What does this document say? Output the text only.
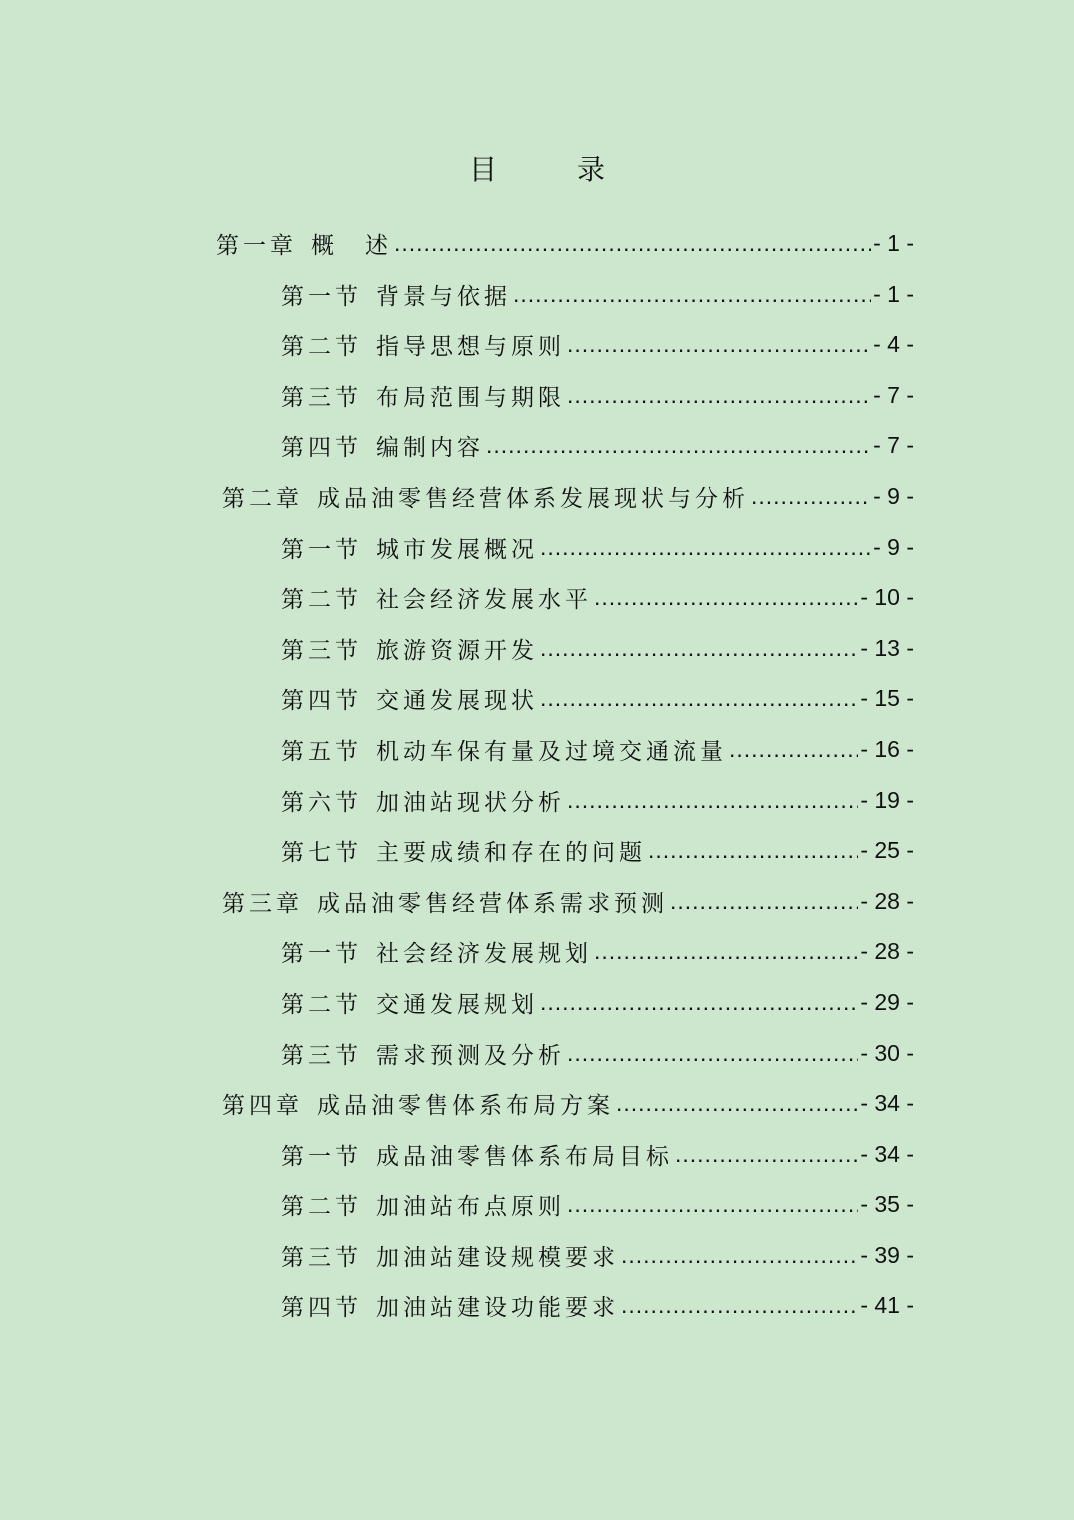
目　录
第一章 概　述 .....	- 1 -
第一节 背景与依据 .....	- 1 -
第二节 指导思想与原则 .....	- 4 -
第三节 布局范围与期限 .....	- 7 -
第四节 编制内容 .....	- 7 -
第二章 成品油零售经营体系发展现状与分析 .....	- 9 -
第一节 城市发展概况 .....	- 9 -
第二节 社会经济发展水平 .....	- 10 -
第三节 旅游资源开发 .....	- 13 -
第四节 交通发展现状 .....	- 15 -
第五节 机动车保有量及过境交通流量 .....	- 16 -
第六节 加油站现状分析 .....	- 19 -
第七节 主要成绩和存在的问题 .....	- 25 -
第三章 成品油零售经营体系需求预测 .....	- 28 -
第一节 社会经济发展规划 .....	- 28 -
第二节 交通发展规划 .....	- 29 -
第三节 需求预测及分析 .....	- 30 -
第四章 成品油零售体系布局方案 .....	- 34 -
第一节 成品油零售体系布局目标 .....	- 34 -
第二节 加油站布点原则 .....	- 35 -
第三节 加油站建设规模要求 .....	- 39 -
第四节 加油站建设功能要求 .....	- 41 -
